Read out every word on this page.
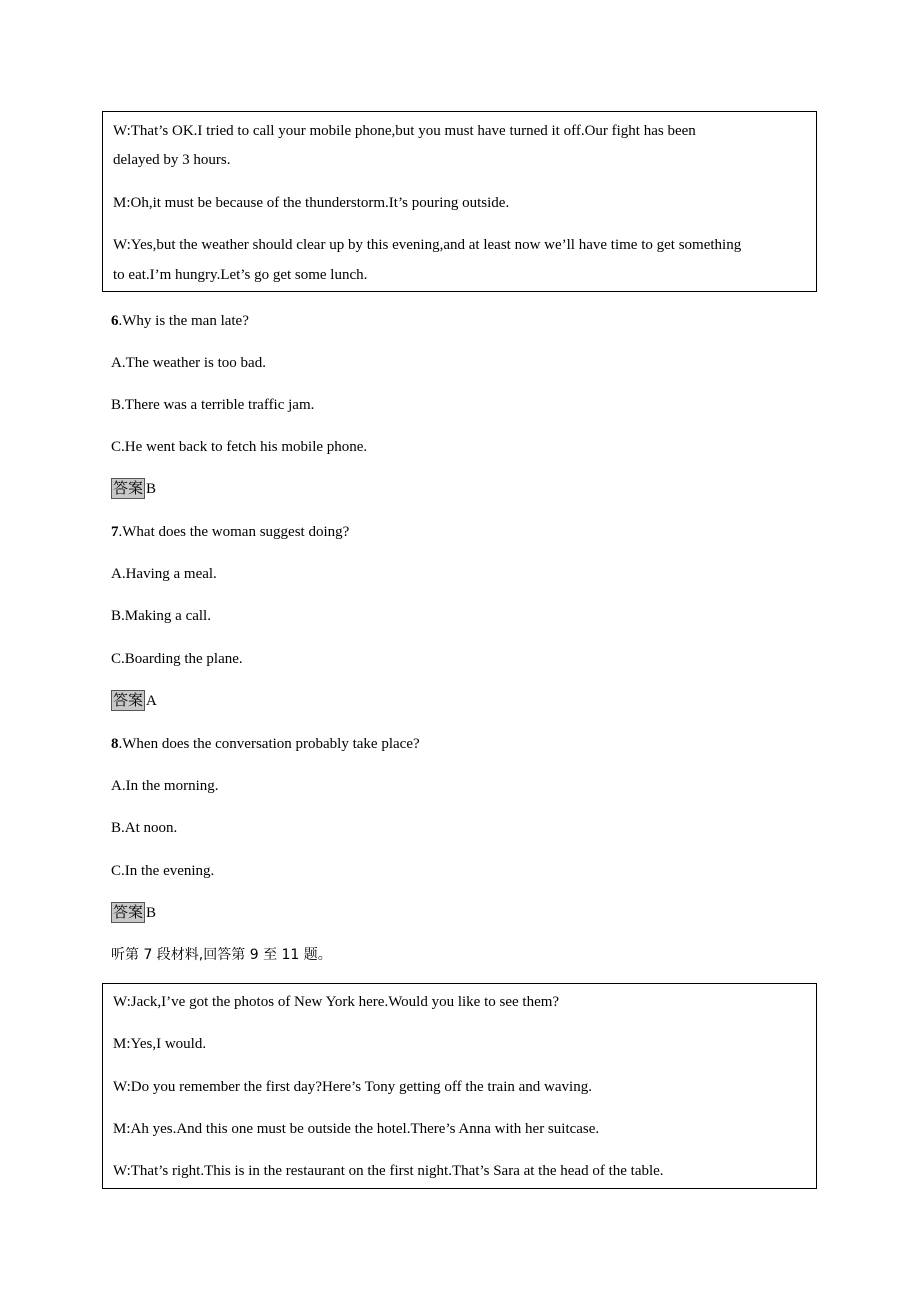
W:That’s OK.I tried to call your mobile phone,but you must have turned it off.Our fight has been
delayed by 3 hours.
M:Oh,it must be because of the thunderstorm.It’s pouring outside.
W:Yes,but the weather should clear up by this evening,and at least now we’ll have time to get something
to eat.I’m hungry.Let’s go get some lunch.
6.Why is the man late?
A.The weather is too bad.
B.There was a terrible traffic jam.
C.He went back to fetch his mobile phone.
答案 B
7.What does the woman suggest doing?
A.Having a meal.
B.Making a call.
C.Boarding the plane.
答案 A
8.When does the conversation probably take place?
A.In the morning.
B.At noon.
C.In the evening.
答案 B
听第 7 段材料,回答第 9 至 11 题。
W:Jack,I’ve got the photos of New York here.Would you like to see them?
M:Yes,I would.
W:Do you remember the first day?Here’s Tony getting off the train and waving.
M:Ah yes.And this one must be outside the hotel.There’s Anna with her suitcase.
W:That’s right.This is in the restaurant on the first night.That’s Sara at the head of the table.
